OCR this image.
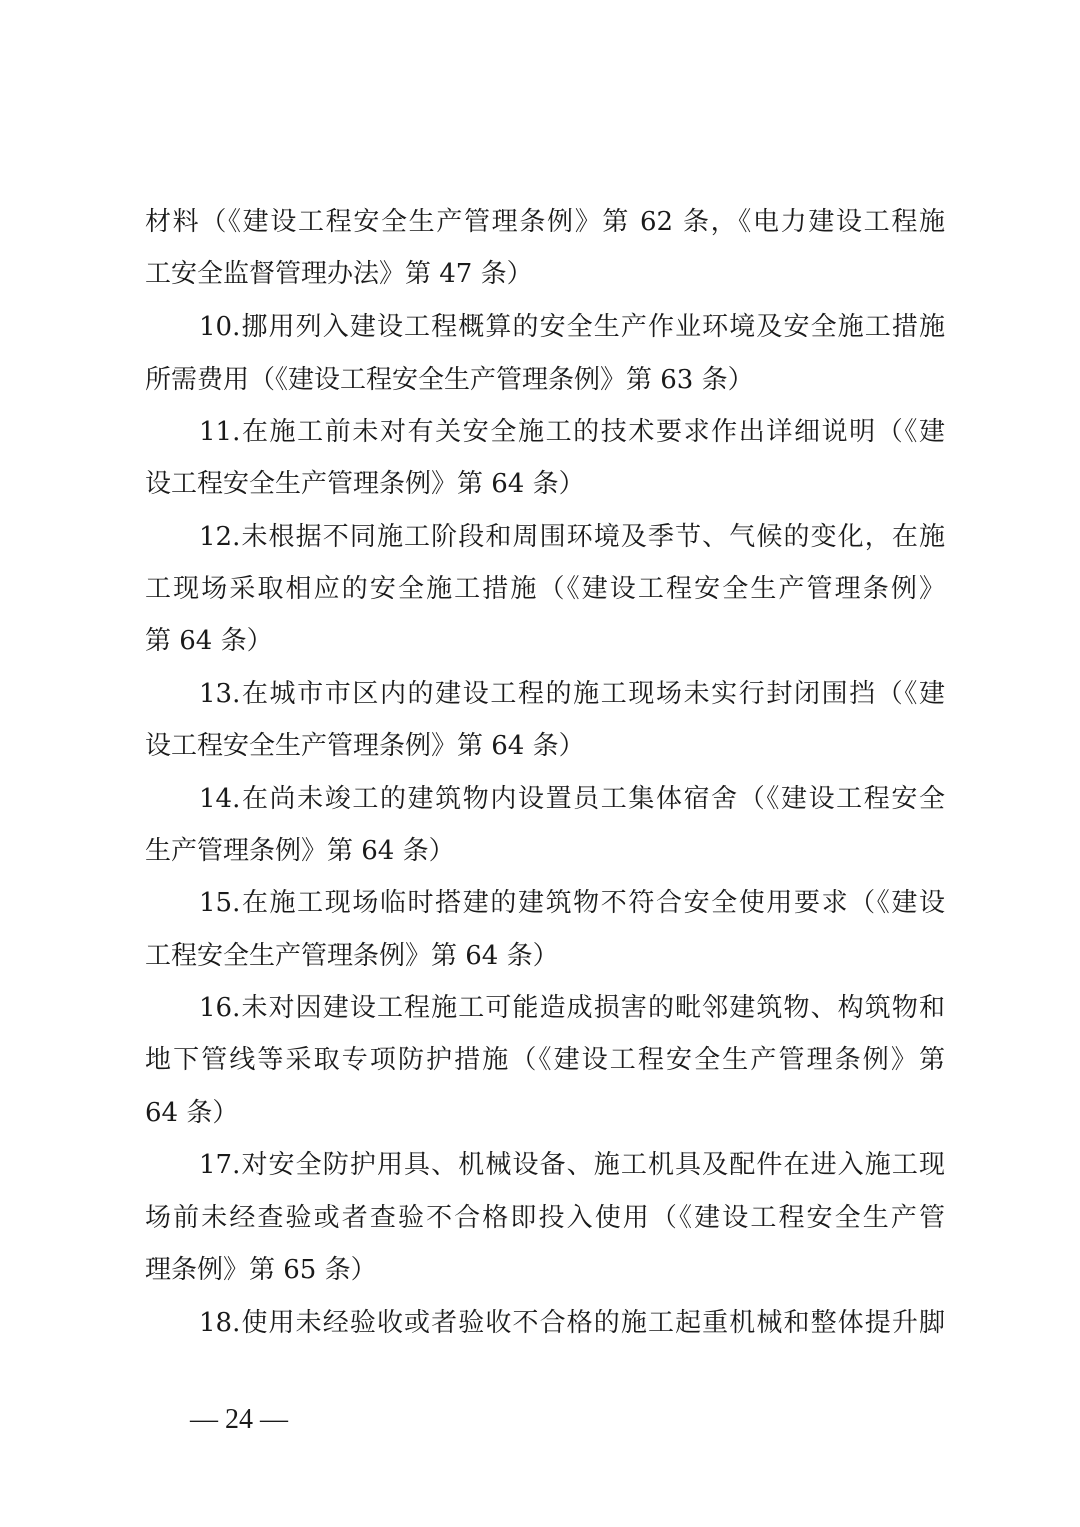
材料（《建设工程安全生产管理条例》第 62 条，《电力建设工程施
工安全监督管理办法》第 47 条）
10.挪用列入建设工程概算的安全生产作业环境及安全施工措施
所需费用（《建设工程安全生产管理条例》第 63 条）
11.在施工前未对有关安全施工的技术要求作出详细说明（《建
设工程安全生产管理条例》第 64 条）
12.未根据不同施工阶段和周围环境及季节、气候的变化，在施
工现场采取相应的安全施工措施（《建设工程安全生产管理条例》
第 64 条）
13.在城市市区内的建设工程的施工现场未实行封闭围挡（《建
设工程安全生产管理条例》第 64 条）
14.在尚未竣工的建筑物内设置员工集体宿舍（《建设工程安全
生产管理条例》第 64 条）
15.在施工现场临时搭建的建筑物不符合安全使用要求（《建设
工程安全生产管理条例》第 64 条）
16.未对因建设工程施工可能造成损害的毗邻建筑物、构筑物和
地下管线等采取专项防护措施（《建设工程安全生产管理条例》第
64 条）
17.对安全防护用具、机械设备、施工机具及配件在进入施工现
场前未经查验或者查验不合格即投入使用（《建设工程安全生产管
理条例》第 65 条）
18.使用未经验收或者验收不合格的施工起重机械和整体提升脚
— 24 —
